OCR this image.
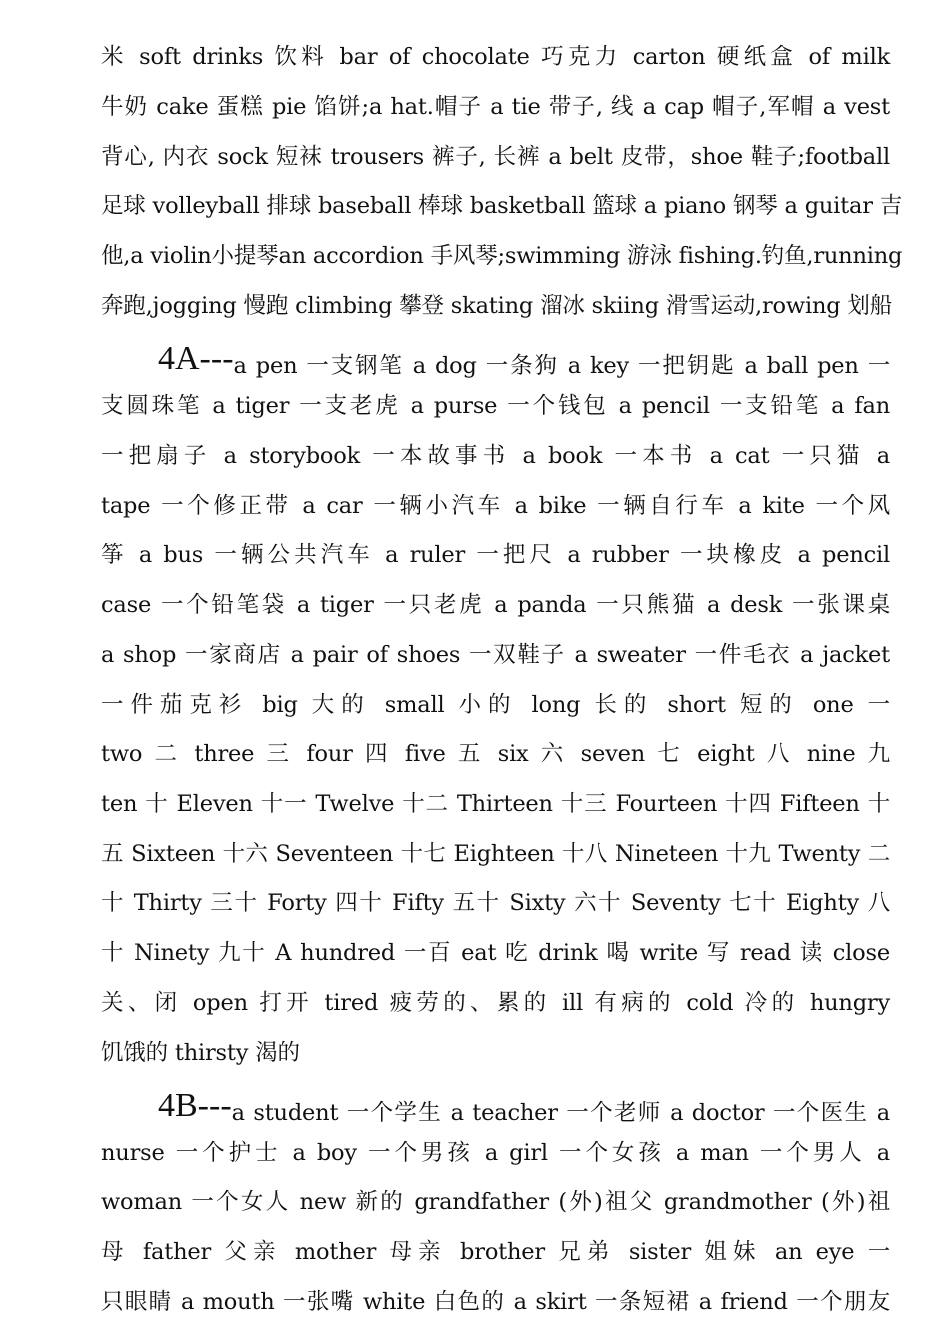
米 soft drinks 饮料 bar of chocolate 巧克力 carton 硬纸盒 of milk
牛奶 cake 蛋糕 pie 馅饼;a hat.帽子 a tie 带子, 线 a cap 帽子,军帽 a vest
背心, 内衣 sock 短袜 trousers 裤子, 长裤 a belt 皮带，shoe 鞋子;football
足球 volleyball 排球 baseball 棒球 basketball 篮球 a piano 钢琴 a guitar 吉
他,a violin小提琴an accordion 手风琴;swimming 游泳 fishing.钓鱼,running
奔跑,jogging 慢跑 climbing 攀登 skating 溜冰 skiing 滑雪运动,rowing 划船
4A---a pen 一支钢笔 a dog 一条狗 a key 一把钥匙 a ball pen 一
支圆珠笔 a tiger 一支老虎 a purse 一个钱包 a pencil 一支铅笔 a fan
一把扇子 a storybook 一本故事书 a book 一本书 a cat 一只猫 a
tape 一个修正带 a car 一辆小汽车 a bike 一辆自行车 a kite 一个风
筝 a bus 一辆公共汽车 a ruler 一把尺 a rubber 一块橡皮 a pencil
case 一个铅笔袋 a tiger 一只老虎 a panda 一只熊猫 a desk 一张课桌
a shop 一家商店 a pair of shoes 一双鞋子 a sweater 一件毛衣 a jacket
一件茄克衫 big 大的 small 小的 long 长的 short 短的 one 一
two 二 three 三 four 四 five 五 six 六 seven 七 eight 八 nine 九
ten 十 Eleven 十一 Twelve 十二 Thirteen 十三 Fourteen 十四 Fifteen 十
五 Sixteen 十六 Seventeen 十七 Eighteen 十八 Nineteen 十九 Twenty 二
十 Thirty 三十 Forty 四十 Fifty 五十 Sixty 六十 Seventy 七十 Eighty 八
十 Ninety 九十 A hundred 一百 eat 吃 drink 喝 write 写 read 读 close
关、闭 open 打开 tired 疲劳的、累的 ill 有病的 cold 冷的 hungry
饥饿的 thirsty 渴的
4B---a student 一个学生 a teacher 一个老师 a doctor 一个医生 a
nurse 一个护士 a boy 一个男孩 a girl 一个女孩 a man 一个男人 a
woman 一个女人 new 新的 grandfather (外)祖父 grandmother (外)祖
母 father 父亲 mother 母亲 brother 兄弟 sister 姐妹 an eye 一
只眼睛 a mouth 一张嘴 white 白色的 a skirt 一条短裙 a friend 一个朋友
